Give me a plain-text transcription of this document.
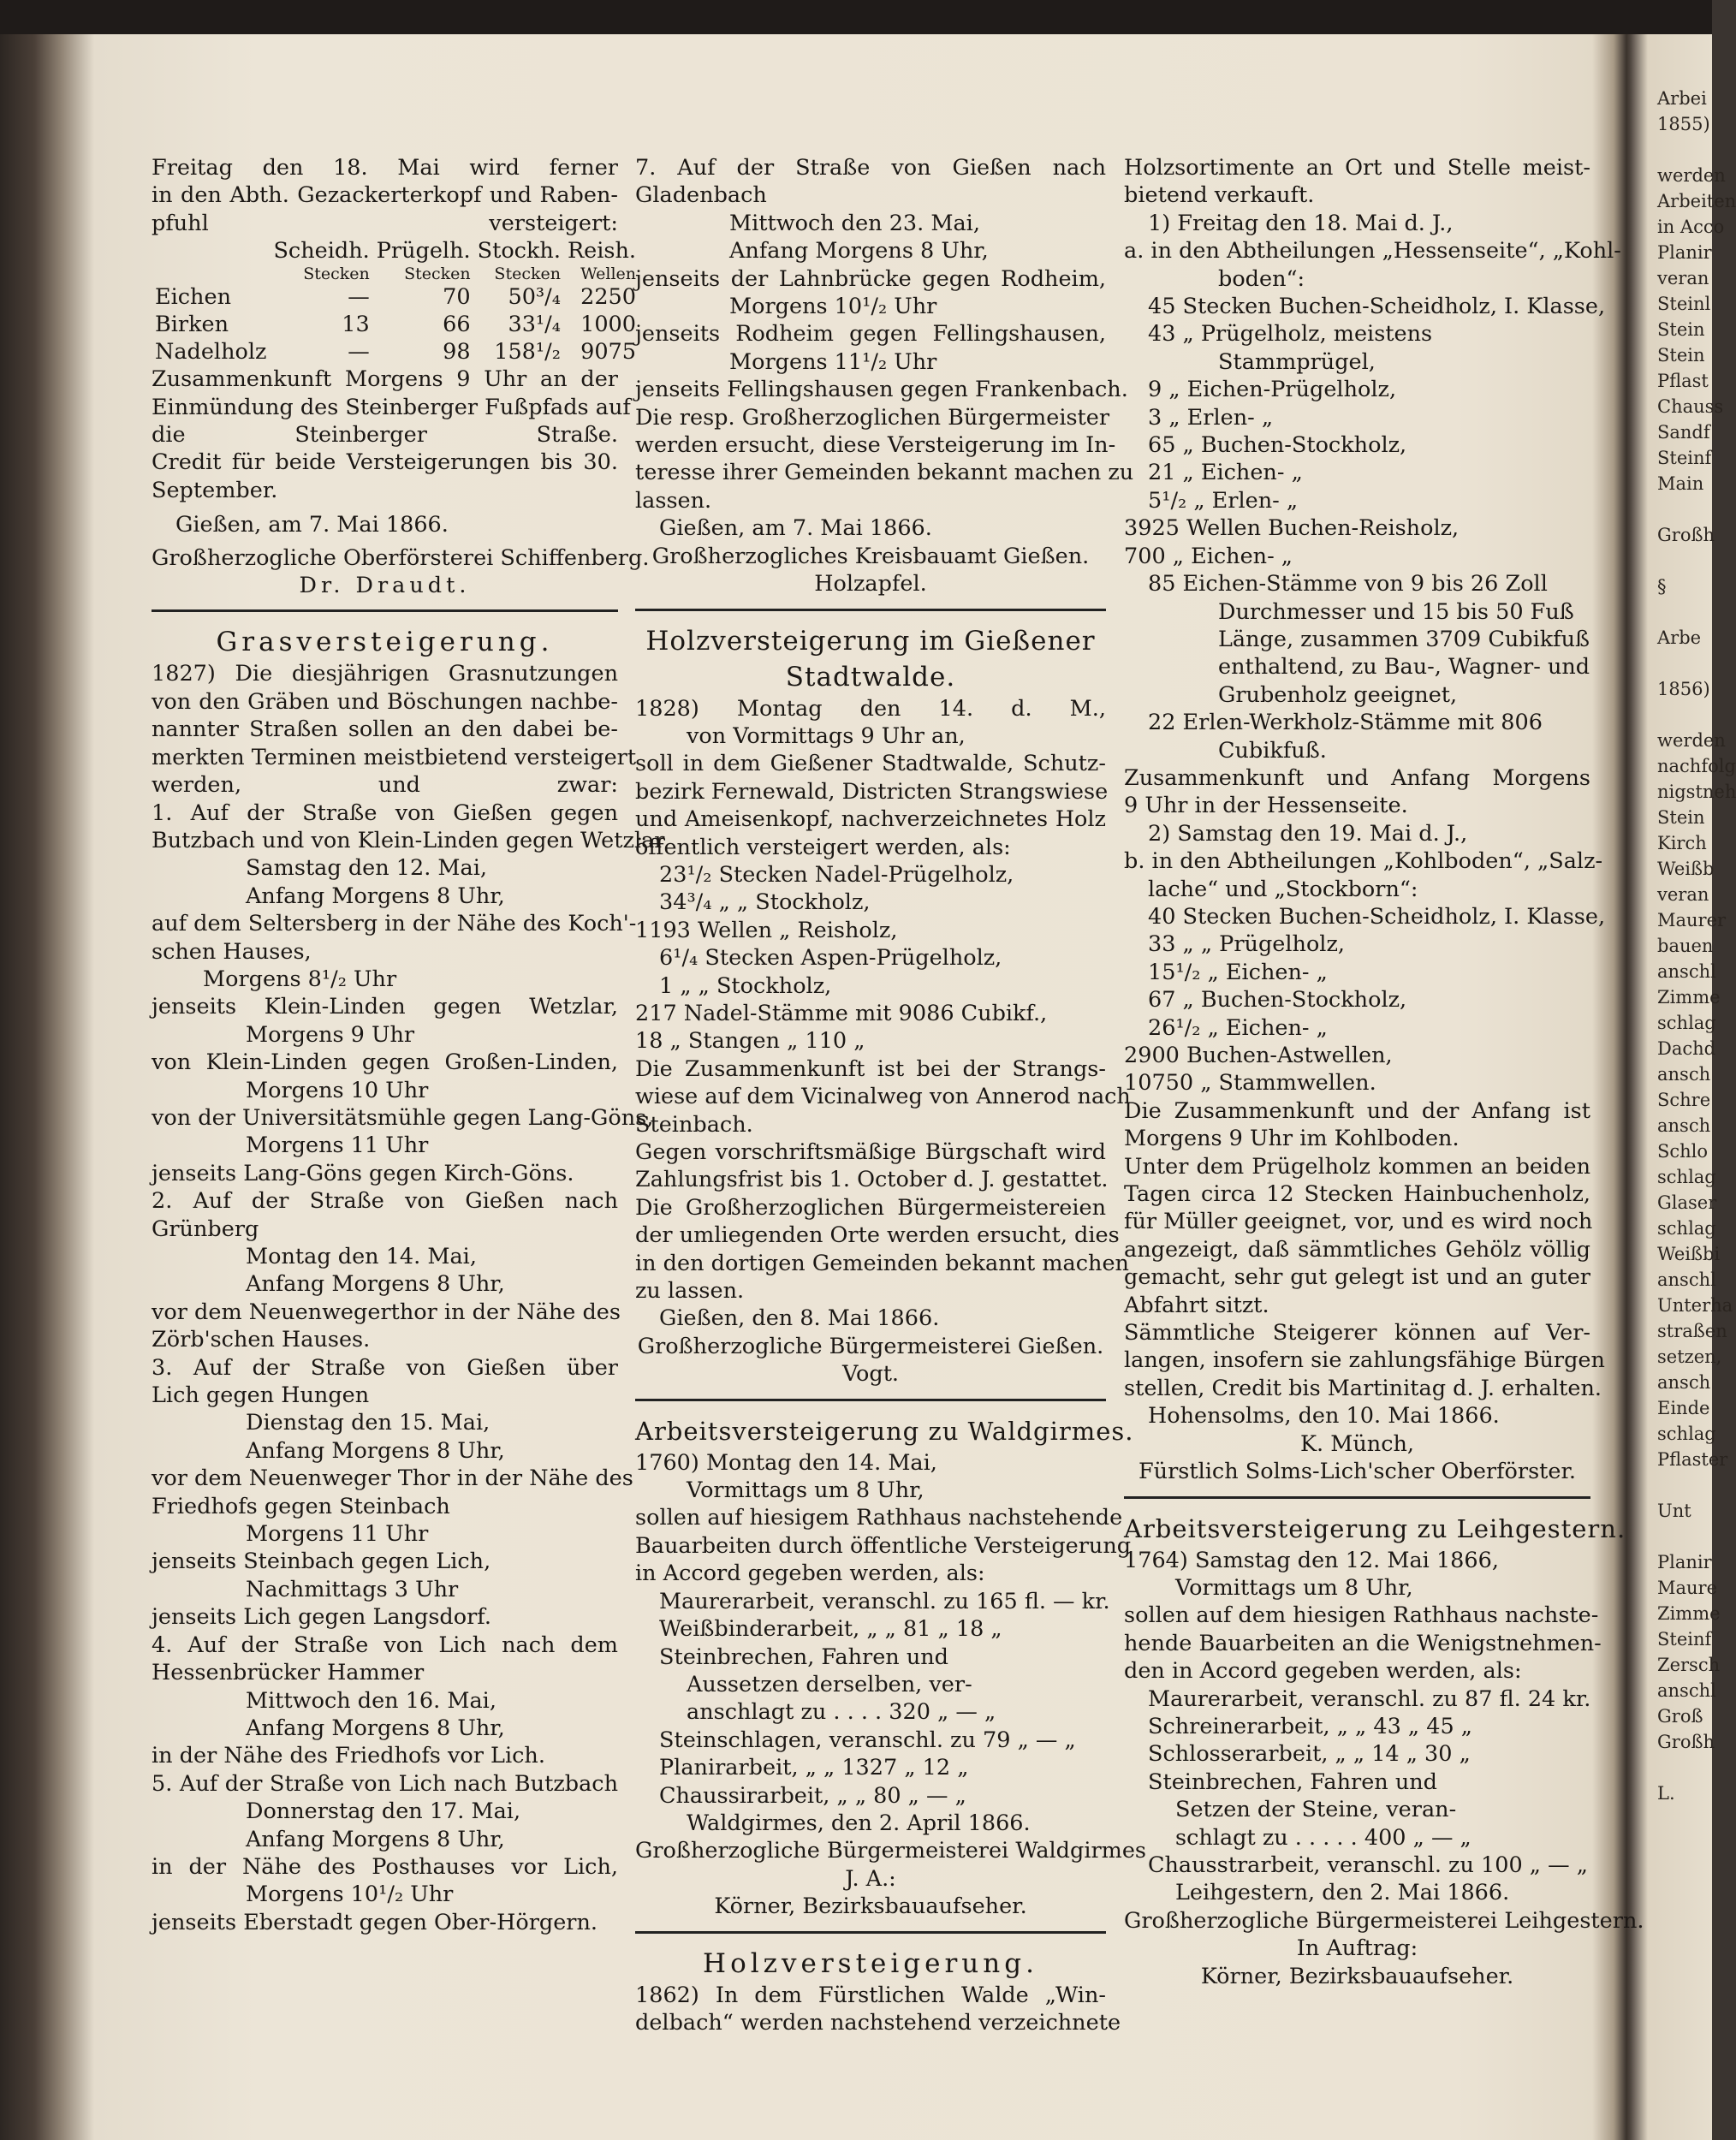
Freitag den 18. Mai wird ferner

in den Abth. Gezackerterkopf und Raben-

pfuhl versteigert:

	Scheidh.	Prügelh.	Stockh.	Reish.
	Stecken	Stecken	Stecken	Wellen
Eichen	—	70	50³/₄	2250
Birken	13	66	33¹/₄	1000
Nadelholz	—	98	158¹/₂	9075

Zusammenkunft Morgens 9 Uhr an der

Einmündung des Steinberger Fußpfads auf

die Steinberger Straße.

Credit für beide Versteigerungen bis 30.

September.

Gießen, am 7. Mai 1866.

Großherzogliche Oberförsterei Schiffenberg.

Dr. Draudt.

Grasversteigerung.

1827) Die diesjährigen Grasnutzungen

von den Gräben und Böschungen nachbe-

nannter Straßen sollen an den dabei be-

merkten Terminen meistbietend versteigert

werden, und zwar:

1. Auf der Straße von Gießen gegen

Butzbach und von Klein-Linden gegen Wetzlar

Samstag den 12. Mai,

Anfang Morgens 8 Uhr,

auf dem Seltersberg in der Nähe des Koch'-

schen Hauses,

Morgens 8¹/₂ Uhr

jenseits Klein-Linden gegen Wetzlar,

Morgens 9 Uhr

von Klein-Linden gegen Großen-Linden,

Morgens 10 Uhr

von der Universitätsmühle gegen Lang-Göns,

Morgens 11 Uhr

jenseits Lang-Göns gegen Kirch-Göns.

2. Auf der Straße von Gießen nach

Grünberg

Montag den 14. Mai,

Anfang Morgens 8 Uhr,

vor dem Neuenwegerthor in der Nähe des

Zörb'schen Hauses.

3. Auf der Straße von Gießen über

Lich gegen Hungen

Dienstag den 15. Mai,

Anfang Morgens 8 Uhr,

vor dem Neuenweger Thor in der Nähe des

Friedhofs gegen Steinbach

Morgens 11 Uhr

jenseits Steinbach gegen Lich,

Nachmittags 3 Uhr

jenseits Lich gegen Langsdorf.

4. Auf der Straße von Lich nach dem

Hessenbrücker Hammer

Mittwoch den 16. Mai,

Anfang Morgens 8 Uhr,

in der Nähe des Friedhofs vor Lich.

5. Auf der Straße von Lich nach Butzbach

Donnerstag den 17. Mai,

Anfang Morgens 8 Uhr,

in der Nähe des Posthauses vor Lich,

Morgens 10¹/₂ Uhr

jenseits Eberstadt gegen Ober-Hörgern.

7. Auf der Straße von Gießen nach

Gladenbach

Mittwoch den 23. Mai,

Anfang Morgens 8 Uhr,

jenseits der Lahnbrücke gegen Rodheim,

Morgens 10¹/₂ Uhr

jenseits Rodheim gegen Fellingshausen,

Morgens 11¹/₂ Uhr

jenseits Fellingshausen gegen Frankenbach.

Die resp. Großherzoglichen Bürgermeister

werden ersucht, diese Versteigerung im In-

teresse ihrer Gemeinden bekannt machen zu

lassen.

Gießen, am 7. Mai 1866.

Großherzogliches Kreisbauamt Gießen.

Holzapfel.

Holzversteigerung im Gießener

Stadtwalde.

1828) Montag den 14. d. M.,

von Vormittags 9 Uhr an,

soll in dem Gießener Stadtwalde, Schutz-

bezirk Fernewald, Districten Strangswiese

und Ameisenkopf, nachverzeichnetes Holz

öffentlich versteigert werden, als:

23¹/₂ Stecken Nadel-Prügelholz,

34³/₄ „ „ Stockholz,

1193 Wellen „ Reisholz,

6¹/₄ Stecken Aspen-Prügelholz,

1 „ „ Stockholz,

217 Nadel-Stämme mit 9086 Cubikf.,

18 „ Stangen „ 110 „

Die Zusammenkunft ist bei der Strangs-

wiese auf dem Vicinalweg von Annerod nach

Steinbach.

Gegen vorschriftsmäßige Bürgschaft wird

Zahlungsfrist bis 1. October d. J. gestattet.

Die Großherzoglichen Bürgermeistereien

der umliegenden Orte werden ersucht, dies

in den dortigen Gemeinden bekannt machen

zu lassen.

Gießen, den 8. Mai 1866.

Großherzogliche Bürgermeisterei Gießen.

Vogt.

Arbeitsversteigerung zu Waldgirmes.

1760) Montag den 14. Mai,

Vormittags um 8 Uhr,

sollen auf hiesigem Rathhaus nachstehende

Bauarbeiten durch öffentliche Versteigerung

in Accord gegeben werden, als:

Maurerarbeit, veranschl. zu 165 fl. — kr.

Weißbinderarbeit, „ „ 81 „ 18 „

Steinbrechen, Fahren und

Aussetzen derselben, ver-

anschlagt zu . . . . 320 „ — „

Steinschlagen, veranschl. zu 79 „ — „

Planirarbeit, „ „ 1327 „ 12 „

Chaussirarbeit, „ „ 80 „ — „

Waldgirmes, den 2. April 1866.

Großherzogliche Bürgermeisterei Waldgirmes

J. A.:

Körner, Bezirksbauaufseher.

Holzversteigerung.

1862) In dem Fürstlichen Walde „Win-

delbach“ werden nachstehend verzeichnete

Holzsortimente an Ort und Stelle meist-

bietend verkauft.

1) Freitag den 18. Mai d. J.,

a. in den Abtheilungen „Hessenseite“, „Kohl-

boden“:

45 Stecken Buchen-Scheidholz, I. Klasse,

43 „ Prügelholz, meistens

Stammprügel,

9 „ Eichen-Prügelholz,

3 „ Erlen- „

65 „ Buchen-Stockholz,

21 „ Eichen- „

5¹/₂ „ Erlen- „

3925 Wellen Buchen-Reisholz,

700 „ Eichen- „

85 Eichen-Stämme von 9 bis 26 Zoll

Durchmesser und 15 bis 50 Fuß

Länge, zusammen 3709 Cubikfuß

enthaltend, zu Bau-, Wagner- und

Grubenholz geeignet,

22 Erlen-Werkholz-Stämme mit 806

Cubikfuß.

Zusammenkunft und Anfang Morgens

9 Uhr in der Hessenseite.

2) Samstag den 19. Mai d. J.,

b. in den Abtheilungen „Kohlboden“, „Salz-

lache“ und „Stockborn“:

40 Stecken Buchen-Scheidholz, I. Klasse,

33 „ „ Prügelholz,

15¹/₂ „ Eichen- „

67 „ Buchen-Stockholz,

26¹/₂ „ Eichen- „

2900 Buchen-Astwellen,

10750 „ Stammwellen.

Die Zusammenkunft und der Anfang ist

Morgens 9 Uhr im Kohlboden.

Unter dem Prügelholz kommen an beiden

Tagen circa 12 Stecken Hainbuchenholz,

für Müller geeignet, vor, und es wird noch

angezeigt, daß sämmtliches Gehölz völlig

gemacht, sehr gut gelegt ist und an guter

Abfahrt sitzt.

Sämmtliche Steigerer können auf Ver-

langen, insofern sie zahlungsfähige Bürgen

stellen, Credit bis Martinitag d. J. erhalten.

Hohensolms, den 10. Mai 1866.

K. Münch,

Fürstlich Solms-Lich'scher Oberförster.

Arbeitsversteigerung zu Leihgestern.

1764) Samstag den 12. Mai 1866,

Vormittags um 8 Uhr,

sollen auf dem hiesigen Rathhaus nachste-

hende Bauarbeiten an die Wenigstnehmen-

den in Accord gegeben werden, als:

Maurerarbeit, veranschl. zu 87 fl. 24 kr.

Schreinerarbeit, „ „ 43 „ 45 „

Schlosserarbeit, „ „ 14 „ 30 „

Steinbrechen, Fahren und

Setzen der Steine, veran-

schlagt zu . . . . . 400 „ — „

Chausstrarbeit, veranschl. zu 100 „ — „

Leihgestern, den 2. Mai 1866.

Großherzogliche Bürgermeisterei Leihgestern.

In Auftrag:

Körner, Bezirksbauaufseher.

Arbei

1855)

werden

Arbeiten

in Acco

Planir

veran

Steinl

Stein

Stein

Pflast

Chauss

Sandf

Steinf

Main

Großh

§

Arbe

1856)

werden

nachfolg

nigstneh

Stein

Kirch

Weißb

veran

Maurer

bauen

anschl

Zimme

schlag

Dachd

ansch

Schre

ansch

Schlo

schlag

Glaser

schlag

Weißbi

anschl

Unterha

straßen

setzen,

ansch

Einde

schlag

Pflaster

Unt

Planir

Maure

Zimme

Steinf

Zersch

anschl

Groß

Großh

L.
